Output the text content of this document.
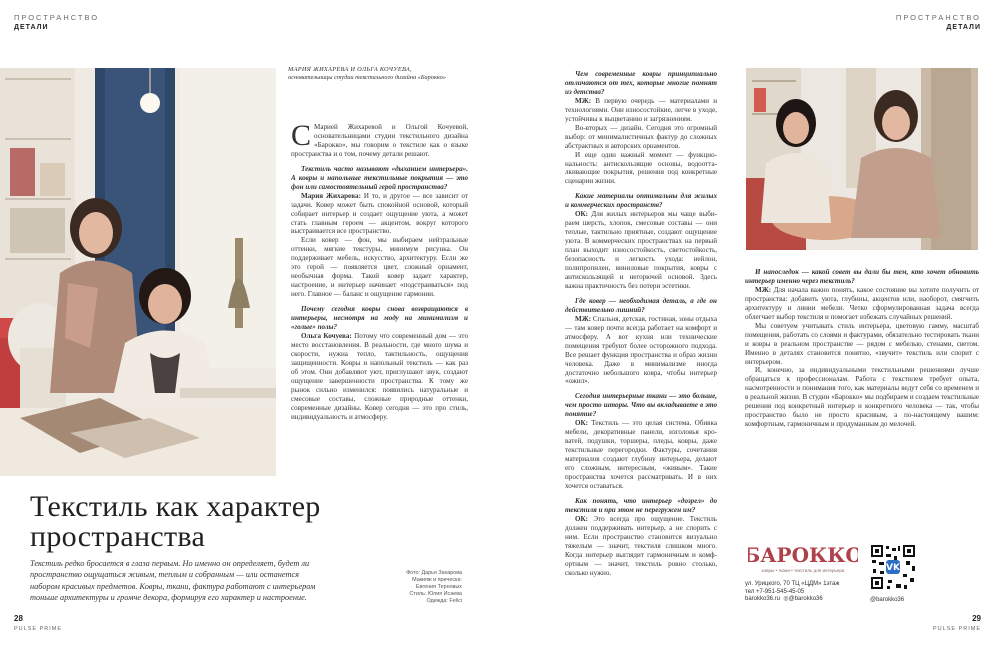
ПРОСТРАНСТВО
ДЕТАЛИ
ПРОСТРАНСТВО
ДЕТАЛИ
МАРИЯ ЖИХАРЕВА И ОЛЬГА КОЧУЕВА,
основательницы студии текстильного дизайна «Барокко»

С Марией Жихаревой и Ольгой Кочуевой, основательницами студии текстильного дизайна «Барокко», мы говорим о текстиле как о языке пространства и о том, почему детали решают.

Текстиль часто называют «дыханием интерьера». А ковры и напольные текстильные покрытия — это фон или самостоятельный герой пространства?

Мария Жихарева: И то, и другое — все зависит от задачи. Ковер может быть спокойной основой, который собирает интерьер и создает ощущение уюта, а может стать главным героем — акцентом, вокруг которого выстраивается все пространство.

Если ковер — фон, мы выбираем нейтральные оттенки, мягкие текстуры, минимум рисунка. Он поддерживает мебель, искусство, архитектуру. Если же это герой — появляется цвет, сложный орнамент, необычная форма. Такой ковер задает характер, настроение, и интерьер начинает «подстраиваться» под него. Главное — баланс и ощущение гармонии.

Почему сегодня ковры снова возвращаются в интерьеры, несмотря на моду на минимализм и «голые» полы?

Ольга Кочуева: Потому что современный дом — это место восстановления. В реальности, где много шума и скорости, нужна тепло, тактильность, ощущения защищенности. Ковры и напольный текстиль — как раз об этом. Они добавляют уют, приглушают звук, создают ощущение завершенности пространства. К тому же рынок сильно изменился: появились натуральные и смесовые составы, сложные природные оттенки, современные дизайны. Ковер сегодня — это про стиль, индивидуальность и атмосферу.

Текстиль как характер
пространства
Текстиль редко бросается в глаза первым. Но именно он определяет, будет ли пространство ощущаться живым, теплым и собранным — или останется набором красивых предметов. Ковры, ткани, фактура работают с интерьером тоньше архитектуры и громче декора, формируя его характер и настроение.
Фото: Дарья Захарова
Макияж и прическа:
Евгения Терновых
Стиль: Юлия Исаева
Одежда: Felici
28
PULSE PRIME

Чем современные ковры принципиально отличаются от тех, которые многие помнят из детства?

МЖ: В первую очередь — материалами и технологиями. Они износостойкие, легче в уходе, устойчивы к выцветанию и загрязнениям.

Во-вторых — дизайн. Сегодня это огромный выбор: от минималистичных фактур до сложных абстрактных и авторских орнаментов.

И еще один важный момент — функциональность: антискользящие основы, водоотталкивающие покрытия, решения под конкретные сценарии жизни.

Какие материалы оптимальны для жилых и коммерческих пространств?

ОК: Для жилых интерьеров мы чаще выбираем шерсть, хлопок, смесовые составы — они теплые, тактильно приятные, создают ощущение уюта. В коммерческих пространствах на первый план выходит износостойкость, светостойкость, безопасность и легкость ухода: нейлон, полипропилен, виниловые покрытия, ковры с антискользящей и негорючей основой. Здесь важна практичность без потери эстетики.

Где ковер — необходимая деталь, а где он действительно лишний?

МЖ: Спальня, детская, гостиная, зоны отдыха — там ковер почти всегда работает на комфорт и атмосферу. А вот кухня или технические помещения требуют более осторожного подхода. Все решает функция пространства и образ жизни человека. Даже в минимализме иногда достаточно небольшого ковра, чтобы интерьер «ожил».

Сегодня интерьерные ткани — это больше, чем просто шторы. Что вы вкладываете в это понятие?

ОК: Текстиль — это целая система. Обивка мебели, декоративные панели, изголовья кроватей, подушки, торшеры, пледы, ковры, даже текстильные перегородки. Фактуры, сочетания материалов создают глубину интерьера, делают его сложным, интересным, «живым». Такие пространства хочется рассматривать. И в них хочется оставаться.

Как понять, что интерьер «дозрел» до текстиля и при этом не перегружен им?

ОК: Это всегда про ощущение. Текстиль должен поддерживать интерьер, а не спорить с ним. Если пространство становится визуально тяжелым — значит, текстиля слишком много. Когда интерьер выглядит гармоничным и комфортным — значит, текстиль ровно столько, сколько нужно.

И напоследок — какой совет вы дали бы тем, кто хочет обновить интерьер именно через текстиль?

МЖ: Для начала важно понять, какое состояние вы хотите получить от пространства: добавить уюта, глубины, акцентов или, наоборот, смягчить архитектуру и линии мебели. Четко сформулированная задача всегда облегчает выбор текстиля и помогает избежать случайных решений.

Мы советуем учитывать стиль интерьера, цветовую гамму, масштаб помещения, работать со слоями и фактурами, обязательно тестировать ткани и ковры в реальном пространстве — рядом с мебелью, стенами, светом. Именно в деталях становится понятно, «звучит» текстиль или спорит с интерьером.

И, конечно, за индивидуальными текстильными решениями лучше обращаться к профессионалам. Работа с текстилем требует опыта, насмотренности и понимания того, как материалы ведут себя со временем и в реальной жизни. В студии «Барокко» мы подбираем и создаем текстильные решения под конкретный интерьер и конкретного человека — так, чтобы пространство было не просто красивым, а по-настоящему вашим: комфортным, гармоничным и продуманным до мелочей.

БАРОККО
ковры • ткани • текстиль для интерьера	VK
ул. Урицкого, 70 ТЦ «ЦДМ» 1этаж
тел +7-951-545-45-05
barokko36.ru ◎@barokko36	@barokko36
29
PULSE PRIME
